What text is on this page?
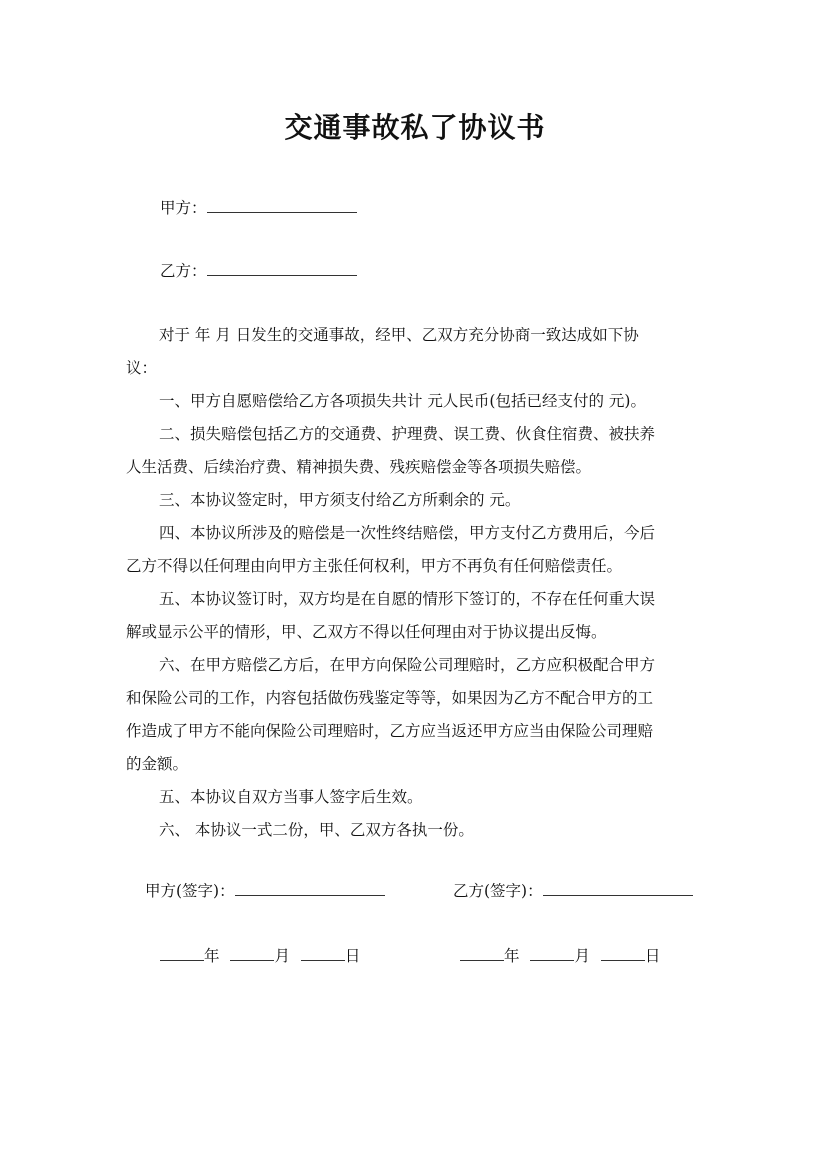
交通事故私了协议书
甲方：
乙方：
对于 年 月 日发生的交通事故，经甲、乙双方充分协商一致达成如下协
议：
一、甲方自愿赔偿给乙方各项损失共计 元人民币(包括已经支付的 元)。
二、损失赔偿包括乙方的交通费、护理费、误工费、伙食住宿费、被扶养
人生活费、后续治疗费、精神损失费、残疾赔偿金等各项损失赔偿。
三、本协议签定时，甲方须支付给乙方所剩余的 元。
四、本协议所涉及的赔偿是一次性终结赔偿，甲方支付乙方费用后，今后
乙方不得以任何理由向甲方主张任何权利，甲方不再负有任何赔偿责任。
五、本协议签订时，双方均是在自愿的情形下签订的，不存在任何重大误
解或显示公平的情形，甲、乙双方不得以任何理由对于协议提出反悔。
六、在甲方赔偿乙方后，在甲方向保险公司理赔时，乙方应积极配合甲方
和保险公司的工作，内容包括做伤残鉴定等等，如果因为乙方不配合甲方的工
作造成了甲方不能向保险公司理赔时，乙方应当返还甲方应当由保险公司理赔
的金额。
五、本协议自双方当事人签字后生效。
六、 本协议一式二份，甲、乙双方各执一份。
甲方(签字)：	乙方(签字)：
年	月	日	年	月	日
